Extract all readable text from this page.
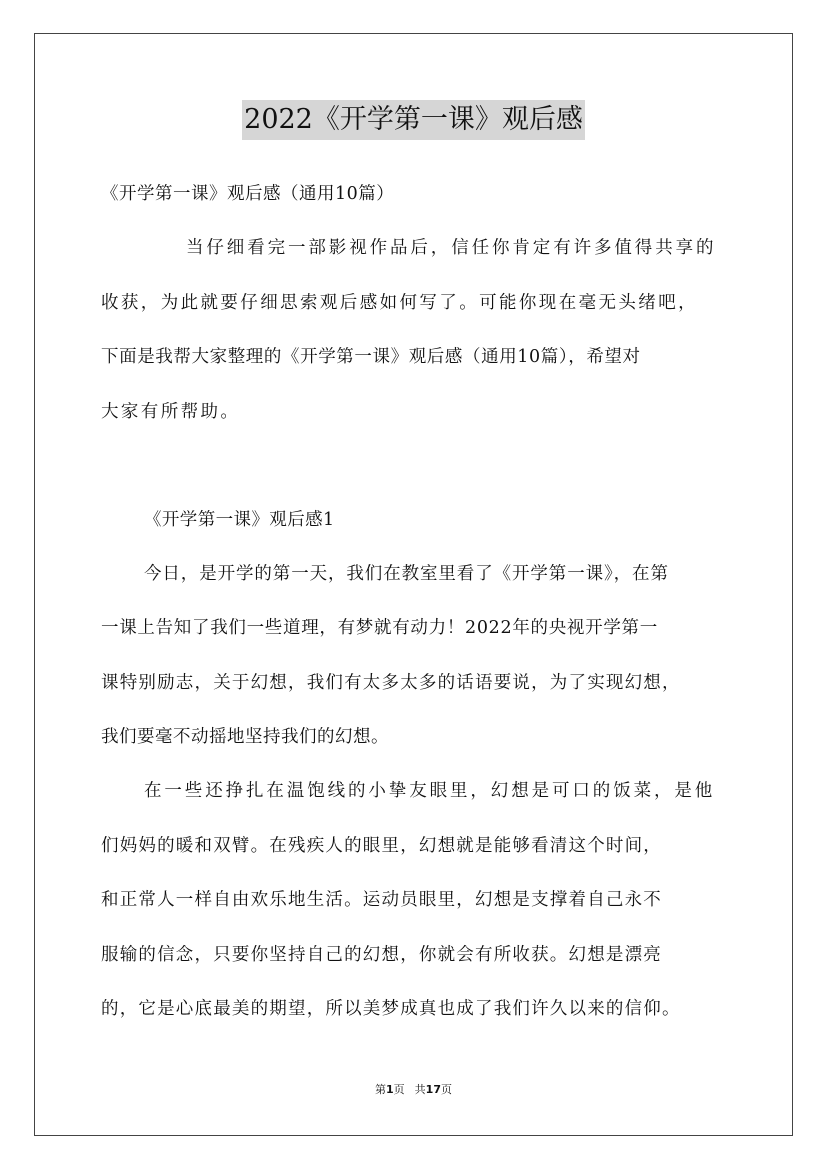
2022《开学第一课》观后感
《开学第一课》观后感（通用10篇）
当仔细看完一部影视作品后，信任你肯定有许多值得共享的
收获，为此就要仔细思索观后感如何写了。可能你现在毫无头绪吧，
下面是我帮大家整理的《开学第一课》观后感（通用10篇），希望对
大家有所帮助。
《开学第一课》观后感1
今日，是开学的第一天，我们在教室里看了《开学第一课》，在第
一课上告知了我们一些道理，有梦就有动力！2022年的央视开学第一
课特别励志，关于幻想，我们有太多太多的话语要说，为了实现幻想，
我们要毫不动摇地坚持我们的幻想。
在一些还挣扎在温饱线的小挚友眼里，幻想是可口的饭菜，是他
们妈妈的暖和双臂。在残疾人的眼里，幻想就是能够看清这个时间，
和正常人一样自由欢乐地生活。运动员眼里，幻想是支撑着自己永不
服输的信念，只要你坚持自己的幻想，你就会有所收获。幻想是漂亮
的，它是心底最美的期望，所以美梦成真也成了我们许久以来的信仰。
第1页 共17页
